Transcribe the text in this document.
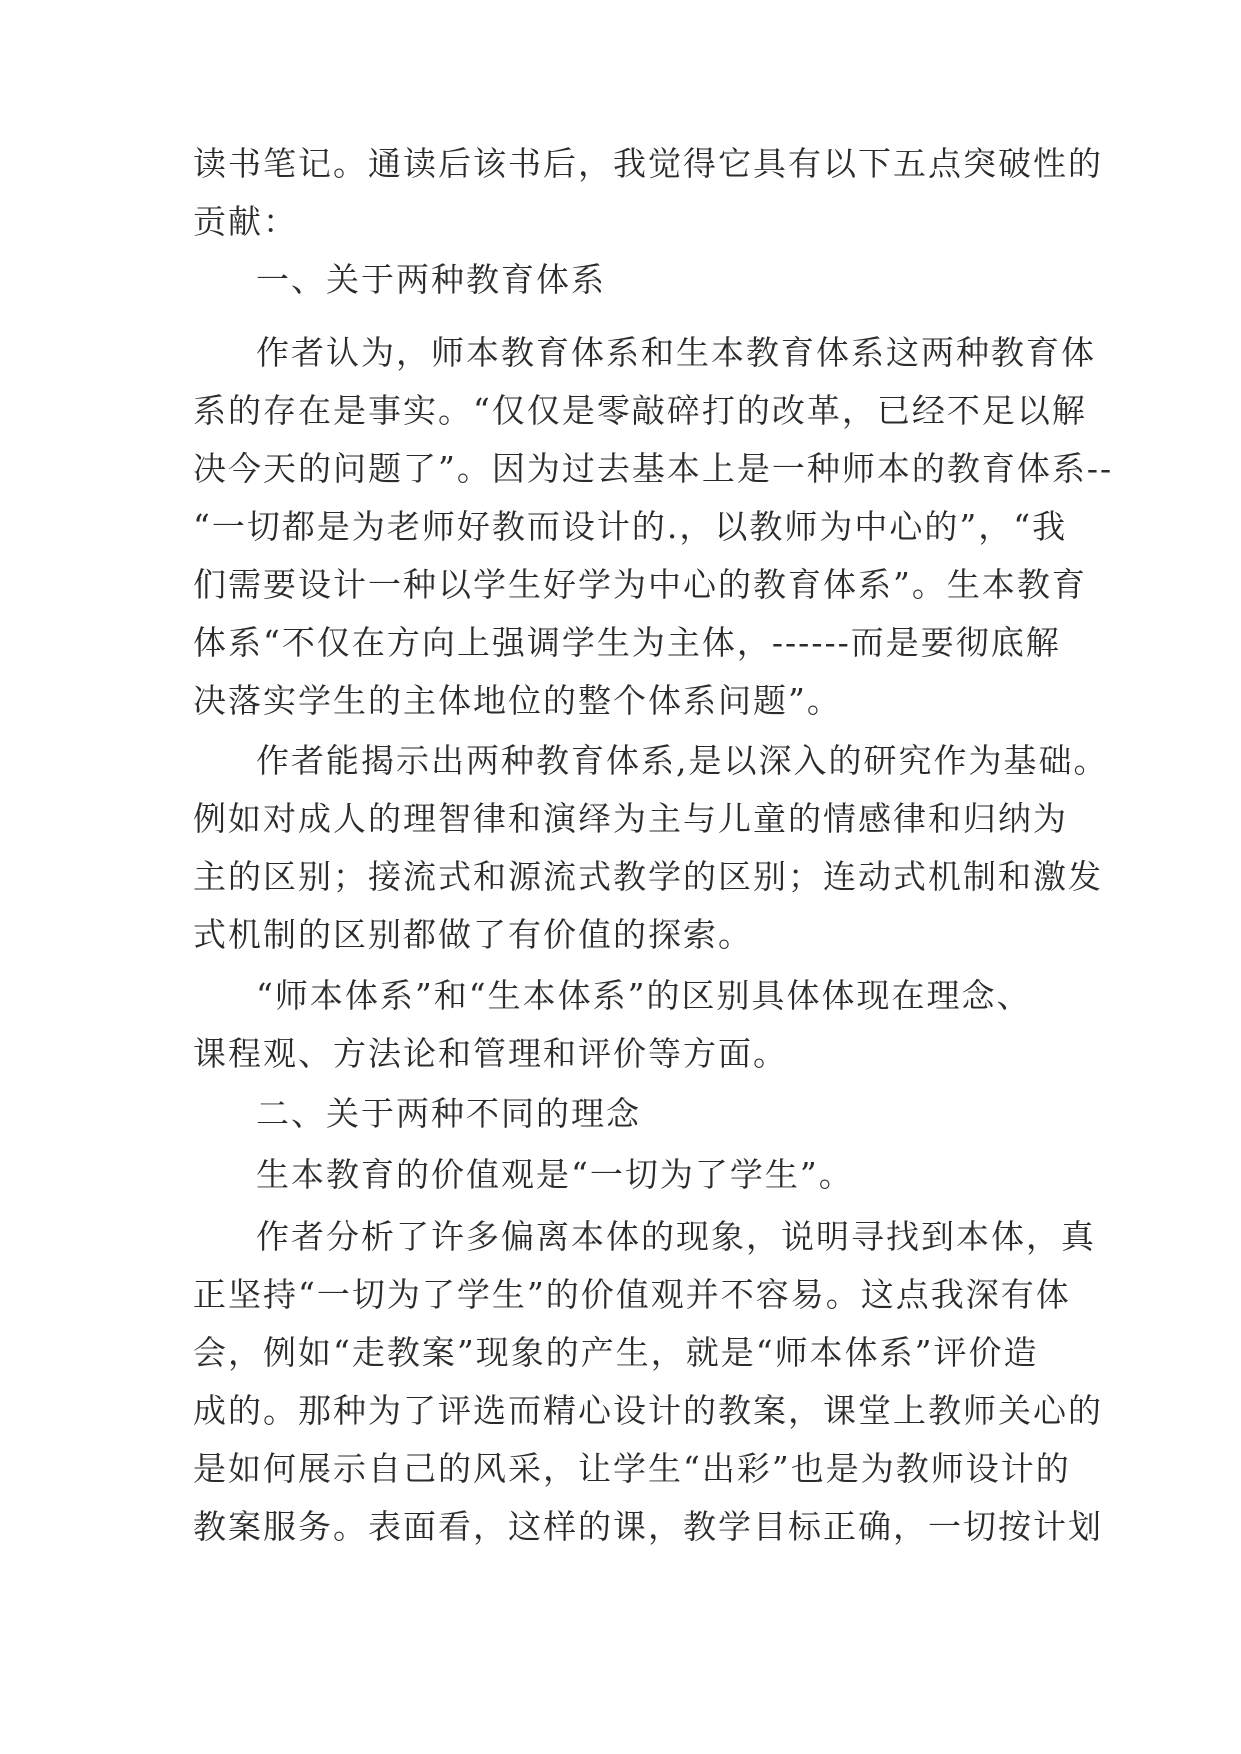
读书笔记。通读后该书后，我觉得它具有以下五点突破性的
贡献：
一、关于两种教育体系
作者认为，师本教育体系和生本教育体系这两种教育体
系的存在是事实。“仅仅是零敲碎打的改革，已经不足以解
决今天的问题了”。因为过去基本上是一种师本的教育体系--
“一切都是为老师好教而设计的.，以教师为中心的”，“我
们需要设计一种以学生好学为中心的教育体系”。生本教育
体系“不仅在方向上强调学生为主体，------而是要彻底解
决落实学生的主体地位的整个体系问题”。
作者能揭示出两种教育体系,是以深入的研究作为基础。
例如对成人的理智律和演绎为主与儿童的情感律和归纳为
主的区别；接流式和源流式教学的区别；连动式机制和激发
式机制的区别都做了有价值的探索。
“师本体系”和“生本体系”的区别具体体现在理念、
课程观、方法论和管理和评价等方面。
二、关于两种不同的理念
生本教育的价值观是“一切为了学生”。
作者分析了许多偏离本体的现象，说明寻找到本体，真
正坚持“一切为了学生”的价值观并不容易。这点我深有体
会，例如“走教案”现象的产生，就是“师本体系”评价造
成的。那种为了评选而精心设计的教案，课堂上教师关心的
是如何展示自己的风采，让学生“出彩”也是为教师设计的
教案服务。表面看，这样的课，教学目标正确，一切按计划
